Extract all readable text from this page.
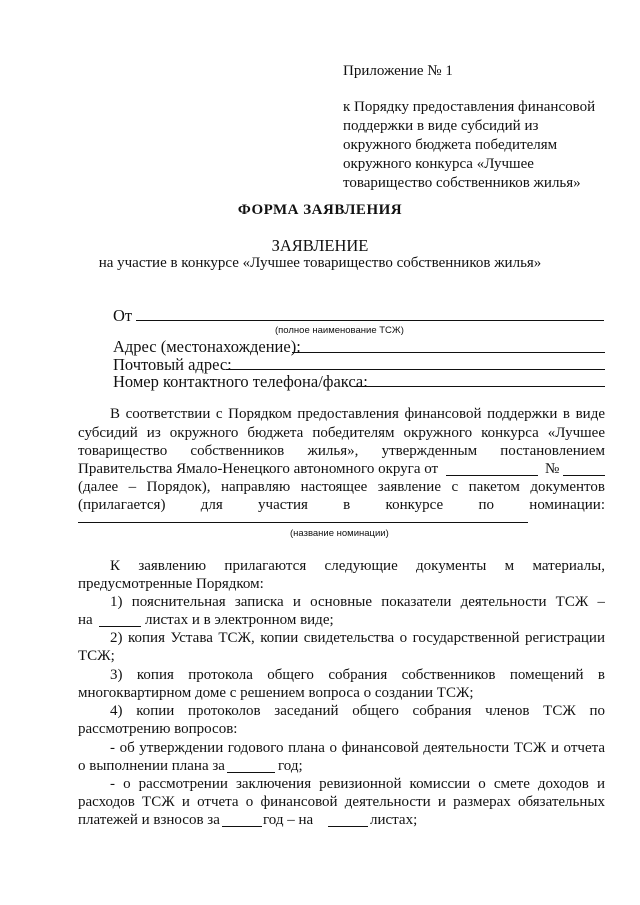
Приложение № 1
к Порядку предоставления финансовой
поддержки в виде субсидий из
окружного бюджета победителям
окружного конкурса «Лучшее
товарищество собственников жилья»
ФОРМА ЗАЯВЛЕНИЯ
ЗАЯВЛЕНИЕ
на участие в конкурсе «Лучшее товарищество собственников жилья»
От
(полное наименование ТСЖ)
Адрес (местонахождение):
Почтовый адрес:
Номер контактного телефона/факса:
В соответствии с Порядком предоставления финансовой поддержки в виде
субсидий из окружного бюджета победителям окружного конкурса «Лучшее
товарищество собственников жилья», утвержденным постановлением
Правительства Ямало-Ненецкого автономного округа от	№
(далее – Порядок), направляю настоящее заявление с пакетом документов
(прилагается) для участия в конкурсе по номинации:
(название номинации)
К заявлению прилагаются следующие документы м материалы,
предусмотренные Порядком:
1) пояснительная записка и основные показатели деятельности ТСЖ –
на	листах и в электронном виде;
2) копия Устава ТСЖ, копии свидетельства о государственной регистрации
ТСЖ;
3) копия протокола общего собрания собственников помещений в
многоквартирном доме с решением вопроса о создании ТСЖ;
4) копии протоколов заседаний общего собрания членов ТСЖ по
рассмотрению вопросов:
- об утверждении годового плана о финансовой деятельности ТСЖ и отчета
о выполнении плана за	год;
- о рассмотрении заключения ревизионной комиссии о смете доходов и
расходов ТСЖ и отчета о финансовой деятельности и размерах обязательных
платежей и взносов за	год – на	листах;
